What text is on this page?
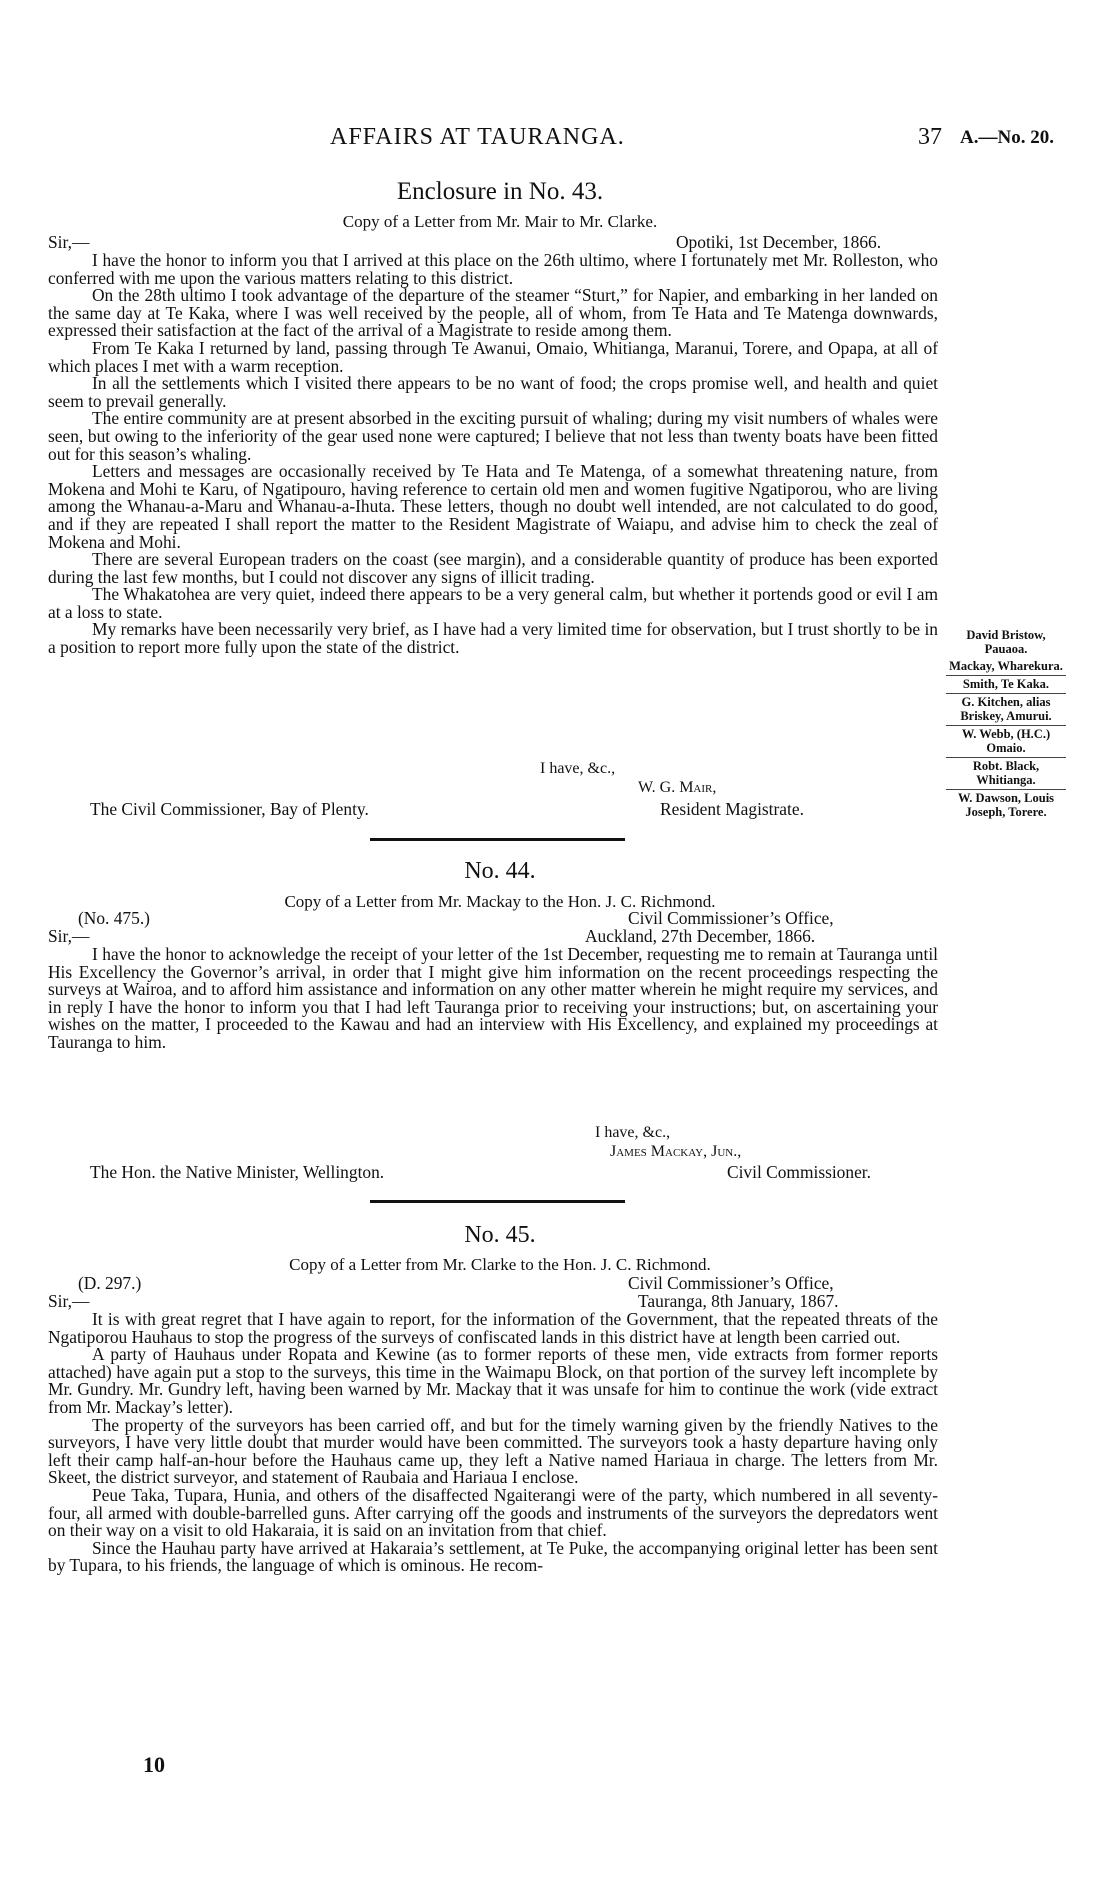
AFFAIRS AT TAURANGA.	37 A.—No. 20.
Enclosure in No. 43.
Copy of a Letter from Mr. Mair to Mr. Clarke.
Sir,—	Opotiki, 1st December, 1866.

I have the honor to inform you that I arrived at this place on the 26th ultimo, where I fortunately met Mr. Rolleston, who conferred with me upon the various matters relating to this district.

On the 28th ultimo I took advantage of the departure of the steamer “Sturt,” for Napier, and embarking in her landed on the same day at Te Kaka, where I was well received by the people, all of whom, from Te Hata and Te Matenga downwards, expressed their satisfaction at the fact of the arrival of a Magistrate to reside among them.

From Te Kaka I returned by land, passing through Te Awanui, Omaio, Whitianga, Maranui, Torere, and Opapa, at all of which places I met with a warm reception.

In all the settlements which I visited there appears to be no want of food; the crops promise well, and health and quiet seem to prevail generally.

The entire community are at present absorbed in the exciting pursuit of whaling; during my visit numbers of whales were seen, but owing to the inferiority of the gear used none were captured; I believe that not less than twenty boats have been fitted out for this season’s whaling.

Letters and messages are occasionally received by Te Hata and Te Matenga, of a somewhat threatening nature, from Mokena and Mohi te Karu, of Ngatipouro, having reference to certain old men and women fugitive Ngatiporou, who are living among the Whanau-a-Maru and Whanau-a-Ihuta. These letters, though no doubt well intended, are not calculated to do good, and if they are repeated I shall report the matter to the Resident Magistrate of Waiapu, and advise him to check the zeal of Mokena and Mohi.

There are several European traders on the coast (see margin), and a considerable quantity of produce has been exported during the last few months, but I could not discover any signs of illicit trading.

The Whakatohea are very quiet, indeed there appears to be a very general calm, but whether it portends good or evil I am at a loss to state.

My remarks have been necessarily very brief, as I have had a very limited time for observation, but I trust shortly to be in a position to report more fully upon the state of the district.

I have, &c.,
W. G. Mair,
The Civil Commissioner, Bay of Plenty.	Resident Magistrate.
David Bristow, Pauaoa.
Mackay, Wharekura.
Smith, Te Kaka.
G. Kitchen, alias Briskey, Amurui.
W. Webb, (H.C.) Omaio.
Robt. Black, Whitianga.
W. Dawson, Louis Joseph, Torere.
No. 44.
Copy of a Letter from Mr. Mackay to the Hon. J. C. Richmond.
(No. 475.)	Civil Commissioner’s Office,
Sir,—	Auckland, 27th December, 1866.

I have the honor to acknowledge the receipt of your letter of the 1st December, requesting me to remain at Tauranga until His Excellency the Governor’s arrival, in order that I might give him information on the recent proceedings respecting the surveys at Wairoa, and to afford him assistance and information on any other matter wherein he might require my services, and in reply I have the honor to inform you that I had left Tauranga prior to receiving your instructions; but, on ascertaining your wishes on the matter, I proceeded to the Kawau and had an interview with His Excellency, and explained my proceedings at Tauranga to him.

I have, &c.,
James Mackay, Jun.,
The Hon. the Native Minister, Wellington.	Civil Commissioner.
No. 45.
Copy of a Letter from Mr. Clarke to the Hon. J. C. Richmond.
(D. 297.)	Civil Commissioner’s Office,
Sir,—	Tauranga, 8th January, 1867.

It is with great regret that I have again to report, for the information of the Government, that the repeated threats of the Ngatiporou Hauhaus to stop the progress of the surveys of confiscated lands in this district have at length been carried out.

A party of Hauhaus under Ropata and Kewine (as to former reports of these men, vide extracts from former reports attached) have again put a stop to the surveys, this time in the Waimapu Block, on that portion of the survey left incomplete by Mr. Gundry. Mr. Gundry left, having been warned by Mr. Mackay that it was unsafe for him to continue the work (vide extract from Mr. Mackay’s letter).

The property of the surveyors has been carried off, and but for the timely warning given by the friendly Natives to the surveyors, I have very little doubt that murder would have been committed. The surveyors took a hasty departure having only left their camp half-an-hour before the Hauhaus came up, they left a Native named Hariaua in charge. The letters from Mr. Skeet, the district surveyor, and statement of Raubaia and Hariaua I enclose.

Peue Taka, Tupara, Hunia, and others of the disaffected Ngaiterangi were of the party, which numbered in all seventy-four, all armed with double-barrelled guns. After carrying off the goods and instruments of the surveyors the depredators went on their way on a visit to old Hakaraia, it is said on an invitation from that chief.

Since the Hauhau party have arrived at Hakaraia’s settlement, at Te Puke, the accompanying original letter has been sent by Tupara, to his friends, the language of which is ominous. He recom-

10
